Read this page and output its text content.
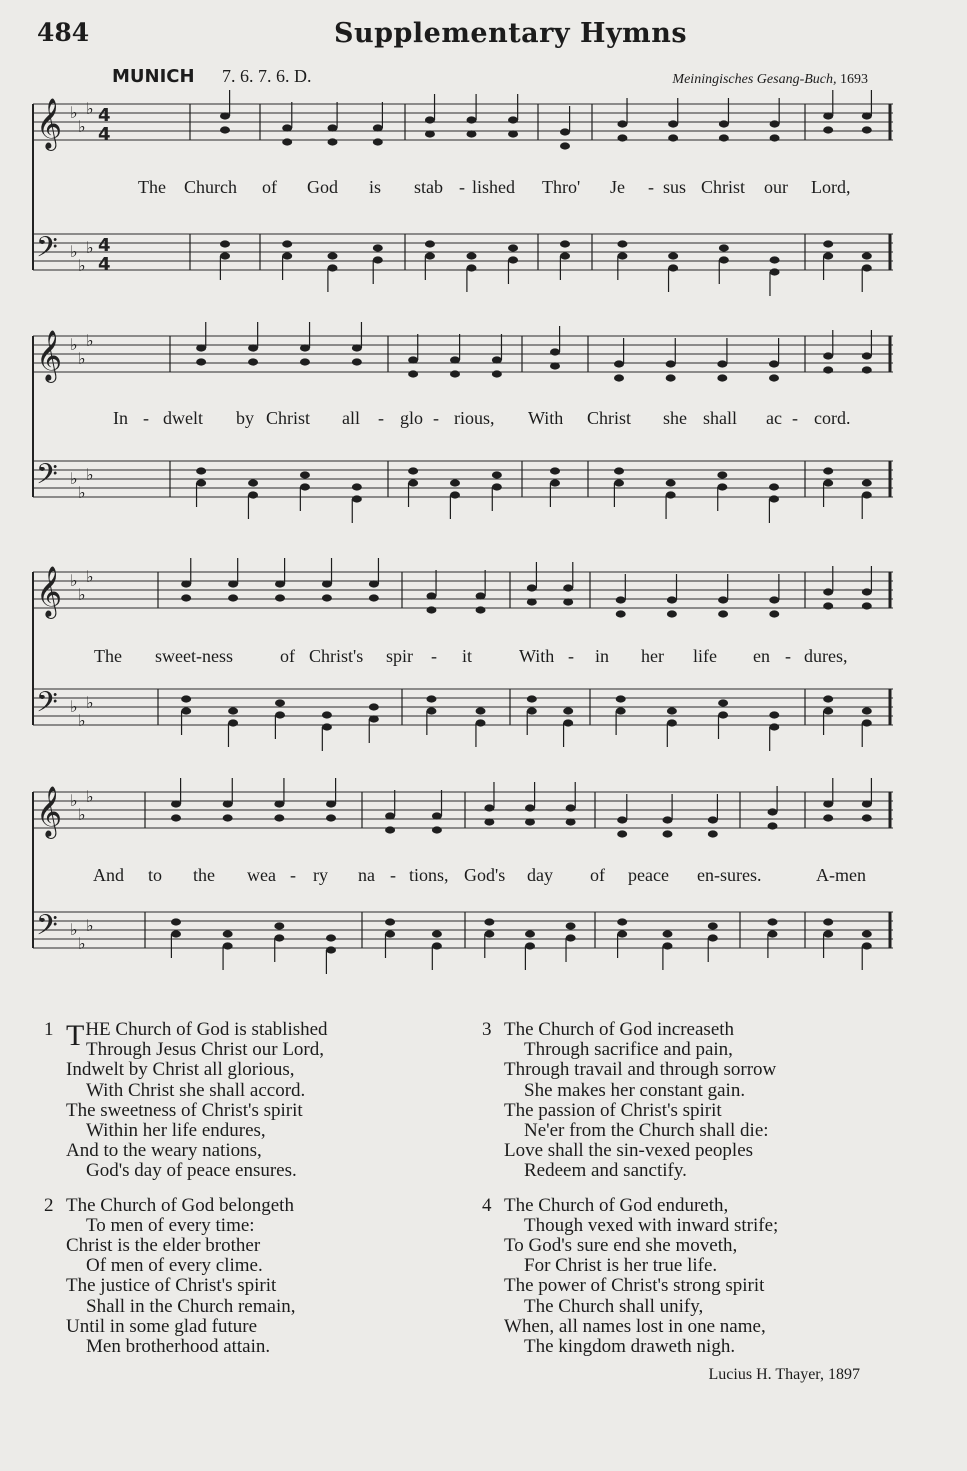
484	Supplementary Hymns
MUNICH 7. 6. 7. 6. D.	Meiningisches Gesang-Buch, 1693
𝄞 ♭
♭
♭ 4
4
𝄢 ♭
♭
♭ 4
4
𝄞 ♭
♭
♭
𝄢 ♭
♭
♭
𝄞 ♭
♭
♭
𝄢 ♭
♭
♭
𝄞 ♭
♭
♭
𝄢 ♭
♭
♭
The Church of God is stab - lished Thro' Je - sus Christ our Lord,
In - dwelt by Christ all - glo - rious, With Christ she shall ac - cord.
The sweet-ness	of Christ's spir - it	With - in her life en - dures,
And to the wea - ry na - tions, God's day of peace en-sures.	A-men
1 THE Church of God is stablished
Through Jesus Christ our Lord,
Indwelt by Christ all glorious,
With Christ she shall accord.
The sweetness of Christ's spirit
Within her life endures,
And to the weary nations,
God's day of peace ensures.
2 The Church of God belongeth
To men of every time:
Christ is the elder brother
Of men of every clime.
The justice of Christ's spirit
Shall in the Church remain,
Until in some glad future
Men brotherhood attain.
3 The Church of God increaseth
Through sacrifice and pain,
Through travail and through sorrow
She makes her constant gain.
The passion of Christ's spirit
Ne'er from the Church shall die:
Love shall the sin-vexed peoples
Redeem and sanctify.
4 The Church of God endureth,
Though vexed with inward strife;
To God's sure end she moveth,
For Christ is her true life.
The power of Christ's strong spirit
The Church shall unify,
When, all names lost in one name,
The kingdom draweth nigh.
Lucius H. Thayer, 1897
